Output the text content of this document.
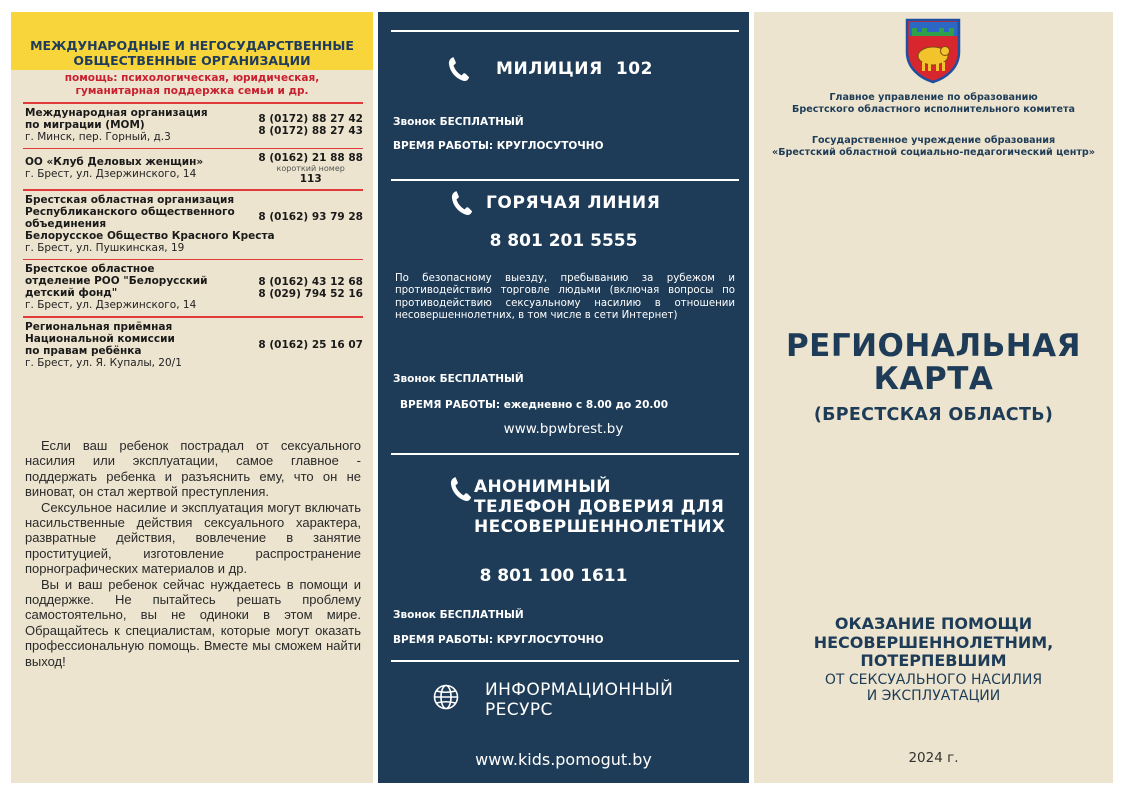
МЕЖДУНАРОДНЫЕ И НЕГОСУДАРСТВЕННЫЕ
ОБЩЕСТВЕННЫЕ ОРГАНИЗАЦИИ
помощь: психологическая, юридическая,
гуманитарная поддержка семьи и др.
Международная организация
по миграции (МОМ)
г. Минск, пер. Горный, д.3
8 (0172) 88 27 42
8 (0172) 88 27 43
ОО «Клуб Деловых женщин»
г. Брест, ул. Дзержинского, 14
8 (0162) 21 88 88
короткий номер
113
Брестская областная организация
Республиканского общественного
объединения
Белорусское Общество Красного Креста
г. Брест, ул. Пушкинская, 19
8 (0162) 93 79 28
Брестское областное
отделение РОО "Белорусский
детский фонд"
г. Брест, ул. Дзержинского, 14
8 (0162) 43 12 68
8 (029) 794 52 16
Региональная приёмная
Национальной комиссии
по правам ребёнка
г. Брест, ул. Я. Купалы, 20/1
8 (0162) 25 16 07

Если ваш ребенок пострадал от сексуального насилия или эксплуатации, самое главное - поддержать ребенка и разъяснить ему, что он не виноват, он стал жертвой преступления.

Сексульное насилие и эксплуатация могут включать насильственные действия сексуального характера, развратные действия, вовлечение в занятие проституцией, изготовление распространение порнографических материалов и др.

Вы и ваш ребенок сейчас нуждаетесь в помощи и поддержке. Не пытайтесь решать проблему самостоятельно, вы не одиноки в этом мире. Обращайтесь к специалистам, которые могут оказать профессиональную помощь. Вместе мы сможем найти выход!

МИЛИЦИЯ 102
Звонок БЕСПЛАТНЫЙ
ВРЕМЯ РАБОТЫ: КРУГЛОСУТОЧНО
ГОРЯЧАЯ ЛИНИЯ
8 801 201 5555
По безопасному выезду, пребыванию за рубежом и противодействию торговле людьми (включая вопросы по противодействию сексуальному насилию в отношении несовершеннолетних, в том числе в сети Интернет)
Звонок БЕСПЛАТНЫЙ
ВРЕМЯ РАБОТЫ: ежедневно с 8.00 до 20.00
www.bpwbrest.by
АНОНИМНЫЙ
ТЕЛЕФОН ДОВЕРИЯ ДЛЯ
НЕСОВЕРШЕННОЛЕТНИХ
8 801 100 1611
Звонок БЕСПЛАТНЫЙ
ВРЕМЯ РАБОТЫ: КРУГЛОСУТОЧНО
ИНФОРМАЦИОННЫЙ
РЕСУРС
www.kids.pomogut.by
Главное управление по образованию
Брестского областного исполнительного комитета
Государственное учреждение образования
«Брестский областной социально-педагогический центр»
РЕГИОНАЛЬНАЯ
КАРТА
(БРЕСТСКАЯ ОБЛАСТЬ)
ОКАЗАНИЕ ПОМОЩИ
НЕСОВЕРШЕННОЛЕТНИМ,
ПОТЕРПЕВШИМ
ОТ СЕКСУАЛЬНОГО НАСИЛИЯ
И ЭКСПЛУАТАЦИИ
2024 г.
